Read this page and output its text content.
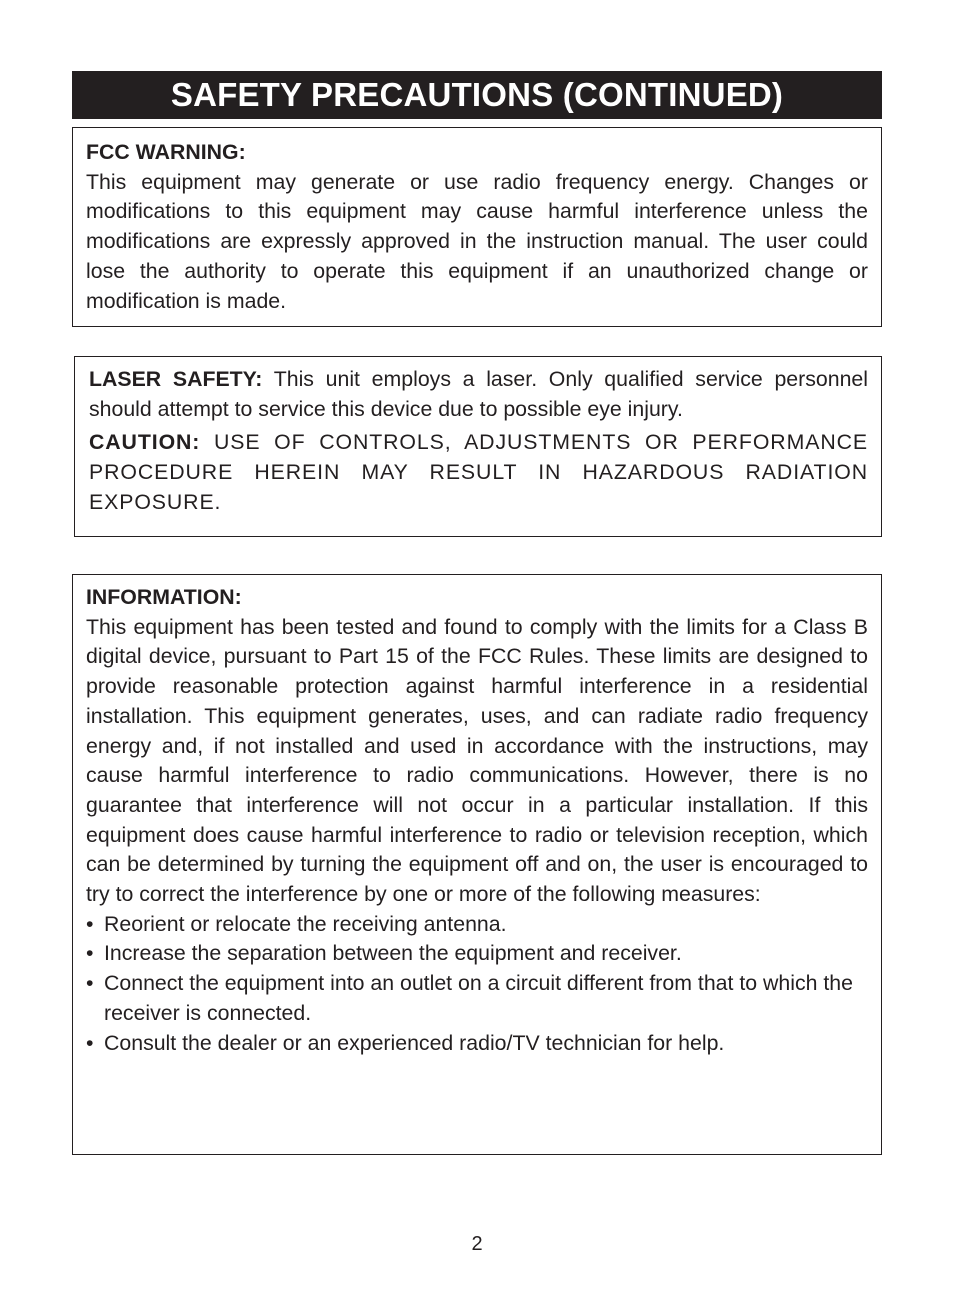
SAFETY PRECAUTIONS (CONTINUED)
FCC WARNING:

This equipment may generate or use radio frequency energy. Changes or modifications to this equipment may cause harmful interference unless the modifications are expressly approved in the instruction manual. The user could lose the authority to operate this equipment if an unauthorized change or modification is made.

LASER SAFETY: This unit employs a laser. Only qualified service personnel should attempt to service this device due to possible eye injury.

CAUTION: USE OF CONTROLS, ADJUSTMENTS OR PERFORMANCE PROCEDURE HEREIN MAY RESULT IN HAZARDOUS RADIATION EXPOSURE.

INFORMATION:

This equipment has been tested and found to comply with the limits for a Class B digital device, pursuant to Part 15 of the FCC Rules. These limits are designed to provide reasonable protection against harmful interference in a residential installation. This equipment generates, uses, and can radiate radio frequency energy and, if not installed and used in accordance with the instructions, may cause harmful interference to radio communications. However, there is no guarantee that interference will not occur in a particular installation. If this equipment does cause harmful interference to radio or television reception, which can be determined by turning the equipment off and on, the user is encouraged to try to correct the interference by one or more of the following measures:

• Reorient or relocate the receiving antenna.
• Increase the separation between the equipment and receiver.
• Connect the equipment into an outlet on a circuit different from that to which the receiver is connected.
• Consult the dealer or an experienced radio/TV technician for help.
2
